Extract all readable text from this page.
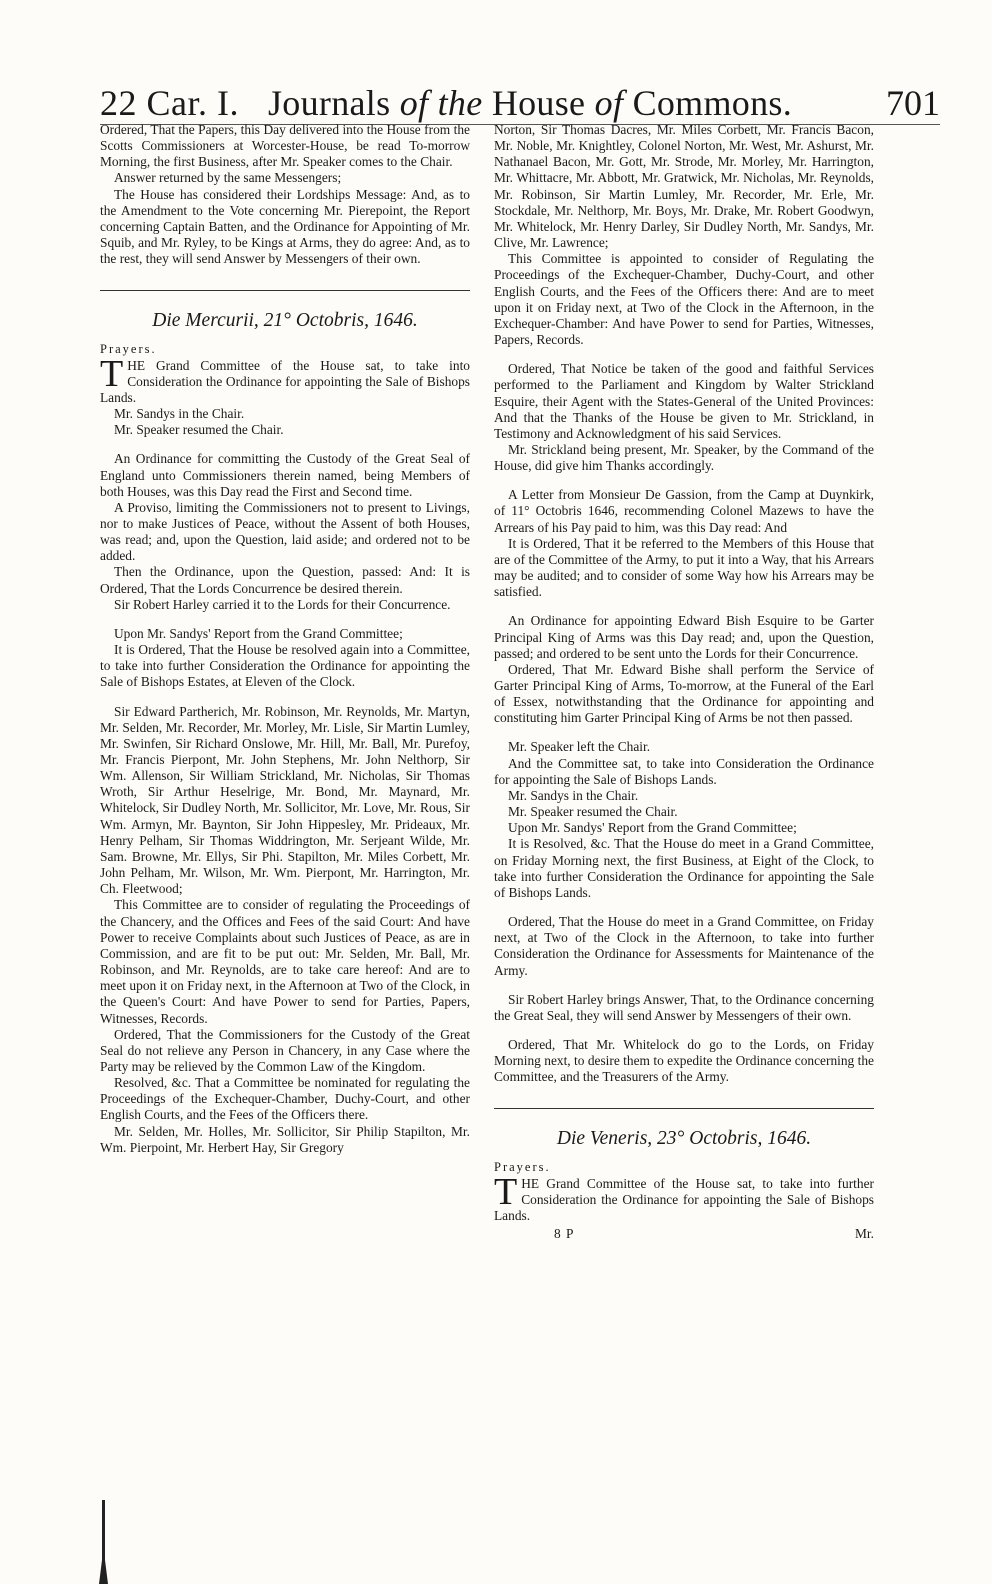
22 Car. I. Journals of the House of Commons.	701

Ordered, That the Papers, this Day delivered into the House from the Scotts Commissioners at Worcester-House, be read To-morrow Morning, the first Business, after Mr. Speaker comes to the Chair.

Answer returned by the same Messengers;

The House has considered their Lordships Message: And, as to the Amendment to the Vote concerning Mr. Pierepoint, the Report concerning Captain Batten, and the Ordinance for Appointing of Mr. Squib, and Mr. Ryley, to be Kings at Arms, they do agree: And, as to the rest, they will send Answer by Messengers of their own.

Die Mercurii, 21° Octobris, 1646.

Prayers.

THE Grand Committee of the House sat, to take into Consideration the Ordinance for appointing the Sale of Bishops Lands.

Mr. Sandys in the Chair.

Mr. Speaker resumed the Chair.

An Ordinance for committing the Custody of the Great Seal of England unto Commissioners therein named, being Members of both Houses, was this Day read the First and Second time.

A Proviso, limiting the Commissioners not to present to Livings, nor to make Justices of Peace, without the Assent of both Houses, was read; and, upon the Question, laid aside; and ordered not to be added.

Then the Ordinance, upon the Question, passed: And: It is Ordered, That the Lords Concurrence be desired therein.

Sir Robert Harley carried it to the Lords for their Concurrence.

Upon Mr. Sandys' Report from the Grand Committee;

It is Ordered, That the House be resolved again into a Committee, to take into further Consideration the Ordinance for appointing the Sale of Bishops Estates, at Eleven of the Clock.

Sir Edward Partherich, Mr. Robinson, Mr. Reynolds, Mr. Martyn, Mr. Selden, Mr. Recorder, Mr. Morley, Mr. Lisle, Sir Martin Lumley, Mr. Swinfen, Sir Richard Onslowe, Mr. Hill, Mr. Ball, Mr. Purefoy, Mr. Francis Pierpont, Mr. John Stephens, Mr. John Nelthorp, Sir Wm. Allenson, Sir William Strickland, Mr. Nicholas, Sir Thomas Wroth, Sir Arthur Heselrige, Mr. Bond, Mr. Maynard, Mr. Whitelock, Sir Dudley North, Mr. Sollicitor, Mr. Love, Mr. Rous, Sir Wm. Armyn, Mr. Baynton, Sir John Hippesley, Mr. Prideaux, Mr. Henry Pelham, Sir Thomas Widdrington, Mr. Serjeant Wilde, Mr. Sam. Browne, Mr. Ellys, Sir Phi. Stapilton, Mr. Miles Corbett, Mr. John Pelham, Mr. Wilson, Mr. Wm. Pierpont, Mr. Harrington, Mr. Ch. Fleetwood;

This Committee are to consider of regulating the Proceedings of the Chancery, and the Offices and Fees of the said Court: And have Power to receive Complaints about such Justices of Peace, as are in Commission, and are fit to be put out: Mr. Selden, Mr. Ball, Mr. Robinson, and Mr. Reynolds, are to take care hereof: And are to meet upon it on Friday next, in the Afternoon at Two of the Clock, in the Queen's Court: And have Power to send for Parties, Papers, Witnesses, Records.

Ordered, That the Commissioners for the Custody of the Great Seal do not relieve any Person in Chancery, in any Case where the Party may be relieved by the Common Law of the Kingdom.

Resolved, &c. That a Committee be nominated for regulating the Proceedings of the Exchequer-Chamber, Duchy-Court, and other English Courts, and the Fees of the Officers there.

Mr. Selden, Mr. Holles, Mr. Sollicitor, Sir Philip Stapilton, Mr. Wm. Pierpoint, Mr. Herbert Hay, Sir Gregory

Norton, Sir Thomas Dacres, Mr. Miles Corbett, Mr. Francis Bacon, Mr. Noble, Mr. Knightley, Colonel Norton, Mr. West, Mr. Ashurst, Mr. Nathanael Bacon, Mr. Gott, Mr. Strode, Mr. Morley, Mr. Harrington, Mr. Whittacre, Mr. Abbott, Mr. Gratwick, Mr. Nicholas, Mr. Reynolds, Mr. Robinson, Sir Martin Lumley, Mr. Recorder, Mr. Erle, Mr. Stockdale, Mr. Nelthorp, Mr. Boys, Mr. Drake, Mr. Robert Goodwyn, Mr. Whitelock, Mr. Henry Darley, Sir Dudley North, Mr. Sandys, Mr. Clive, Mr. Lawrence;

This Committee is appointed to consider of Regulating the Proceedings of the Exchequer-Chamber, Duchy-Court, and other English Courts, and the Fees of the Officers there: And are to meet upon it on Friday next, at Two of the Clock in the Afternoon, in the Exchequer-Chamber: And have Power to send for Parties, Witnesses, Papers, Records.

Ordered, That Notice be taken of the good and faithful Services performed to the Parliament and Kingdom by Walter Strickland Esquire, their Agent with the States-General of the United Provinces: And that the Thanks of the House be given to Mr. Strickland, in Testimony and Acknowledgment of his said Services.

Mr. Strickland being present, Mr. Speaker, by the Command of the House, did give him Thanks accordingly.

A Letter from Monsieur De Gassion, from the Camp at Duynkirk, of 11° Octobris 1646, recommending Colonel Mazews to have the Arrears of his Pay paid to him, was this Day read: And

It is Ordered, That it be referred to the Members of this House that are of the Committee of the Army, to put it into a Way, that his Arrears may be audited; and to consider of some Way how his Arrears may be satisfied.

An Ordinance for appointing Edward Bish Esquire to be Garter Principal King of Arms was this Day read; and, upon the Question, passed; and ordered to be sent unto the Lords for their Concurrence.

Ordered, That Mr. Edward Bishe shall perform the Service of Garter Principal King of Arms, To-morrow, at the Funeral of the Earl of Essex, notwithstanding that the Ordinance for appointing and constituting him Garter Principal King of Arms be not then passed.

Mr. Speaker left the Chair.

And the Committee sat, to take into Consideration the Ordinance for appointing the Sale of Bishops Lands.

Mr. Sandys in the Chair.

Mr. Speaker resumed the Chair.

Upon Mr. Sandys' Report from the Grand Committee;

It is Resolved, &c. That the House do meet in a Grand Committee, on Friday Morning next, the first Business, at Eight of the Clock, to take into further Consideration the Ordinance for appointing the Sale of Bishops Lands.

Ordered, That the House do meet in a Grand Committee, on Friday next, at Two of the Clock in the Afternoon, to take into further Consideration the Ordinance for Assessments for Maintenance of the Army.

Sir Robert Harley brings Answer, That, to the Ordinance concerning the Great Seal, they will send Answer by Messengers of their own.

Ordered, That Mr. Whitelock do go to the Lords, on Friday Morning next, to desire them to expedite the Ordinance concerning the Committee, and the Treasurers of the Army.

Die Veneris, 23° Octobris, 1646.

Prayers.

THE Grand Committee of the House sat, to take into further Consideration the Ordinance for appointing the Sale of Bishops Lands.

8 P	Mr.
